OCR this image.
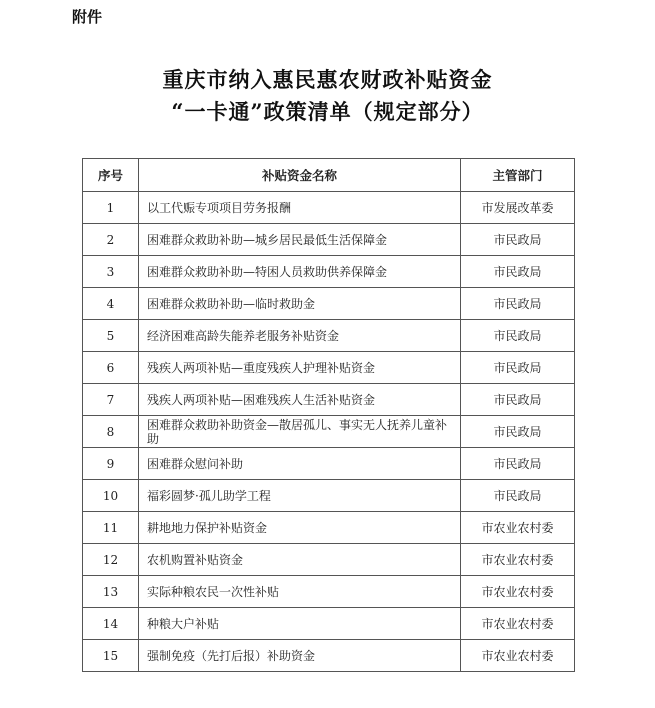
附件
重庆市纳入惠民惠农财政补贴资金
“一卡通”政策清单（规定部分）
序号	补贴资金名称	主管部门
1	以工代赈专项项目劳务报酬	市发展改革委
2	困难群众救助补助—城乡居民最低生活保障金	市民政局
3	困难群众救助补助—特困人员救助供养保障金	市民政局
4	困难群众救助补助—临时救助金	市民政局
5	经济困难高龄失能养老服务补贴资金	市民政局
6	残疾人两项补贴—重度残疾人护理补贴资金	市民政局
7	残疾人两项补贴—困难残疾人生活补贴资金	市民政局
8	困难群众救助补助资金—散居孤儿、事实无人抚养儿童补助	市民政局
9	困难群众慰问补助	市民政局
10	福彩圆梦·孤儿助学工程	市民政局
11	耕地地力保护补贴资金	市农业农村委
12	农机购置补贴资金	市农业农村委
13	实际种粮农民一次性补贴	市农业农村委
14	种粮大户补贴	市农业农村委
15	强制免疫（先打后报）补助资金	市农业农村委
